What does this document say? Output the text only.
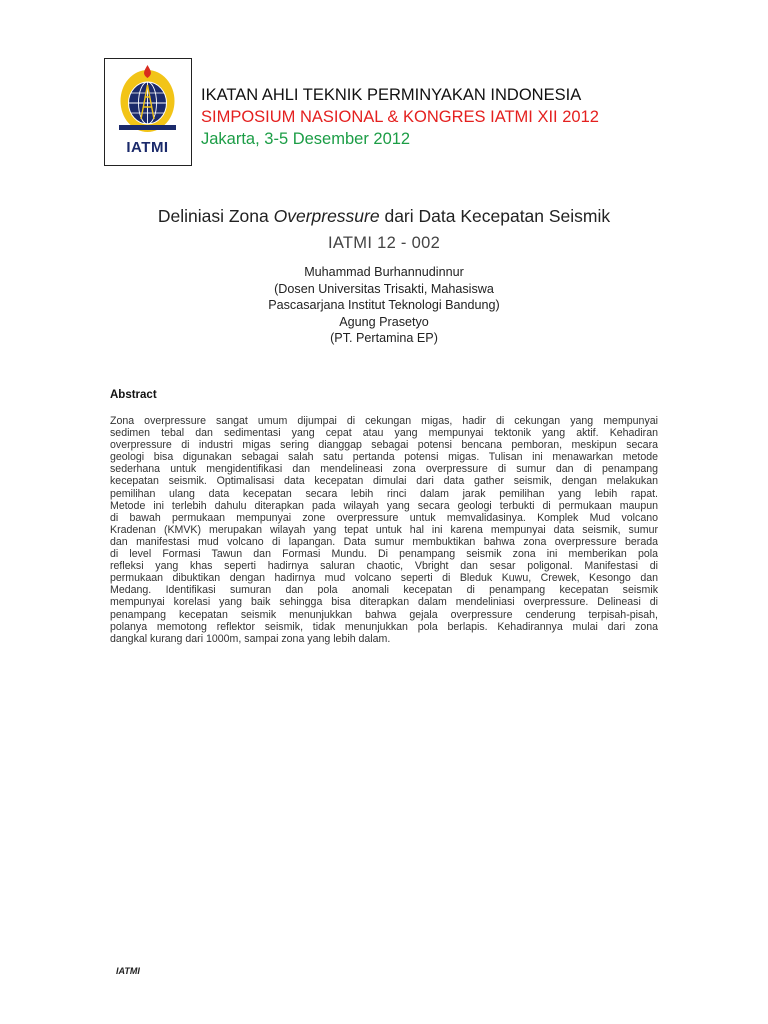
IATMI
IKATAN AHLI TEKNIK PERMINYAKAN INDONESIA
SIMPOSIUM NASIONAL & KONGRES IATMI XII 2012
Jakarta, 3-5 Desember 2012
Deliniasi Zona Overpressure dari Data Kecepatan Seismik
IATMI 12 - 002
Muhammad Burhannudinnur
(Dosen Universitas Trisakti, Mahasiswa
Pascasarjana Institut Teknologi Bandung)
Agung Prasetyo
(PT. Pertamina EP)
Abstract
Zona overpressure sangat umum dijumpai di cekungan migas, hadir di cekungan yang mempunyai
sedimen tebal dan sedimentasi yang cepat atau yang mempunyai tektonik yang aktif. Kehadiran
overpressure di industri migas sering dianggap sebagai potensi bencana pemboran, meskipun secara
geologi bisa digunakan sebagai salah satu pertanda potensi migas. Tulisan ini menawarkan metode
sederhana untuk mengidentifikasi dan mendelineasi zona overpressure di sumur dan di penampang
kecepatan seismik. Optimalisasi data kecepatan dimulai dari data gather seismik, dengan melakukan
pemilihan ulang data kecepatan secara lebih rinci dalam jarak pemilihan yang lebih rapat.
Metode ini terlebih dahulu diterapkan pada wilayah yang secara geologi terbukti di permukaan maupun
di bawah permukaan mempunyai zone overpressure untuk memvalidasinya. Komplek Mud volcano
Kradenan (KMVK) merupakan wilayah yang tepat untuk hal ini karena mempunyai data seismik, sumur
dan manifestasi mud volcano di lapangan. Data sumur membuktikan bahwa zona overpressure berada
di level Formasi Tawun dan Formasi Mundu. Di penampang seismik zona ini memberikan pola
refleksi yang khas seperti hadirnya saluran chaotic, Vbright dan sesar poligonal. Manifestasi di
permukaan dibuktikan dengan hadirnya mud volcano seperti di Bleduk Kuwu, Crewek, Kesongo dan
Medang. Identifikasi sumuran dan pola anomali kecepatan di penampang kecepatan seismik
mempunyai korelasi yang baik sehingga bisa diterapkan dalam mendeliniasi overpressure. Delineasi di
penampang kecepatan seismik menunjukkan bahwa gejala overpressure cenderung terpisah-pisah,
polanya memotong reflektor seismik, tidak menunjukkan pola berlapis. Kehadirannya mulai dari zona
dangkal kurang dari 1000m, sampai zona yang lebih dalam.
IATMI
